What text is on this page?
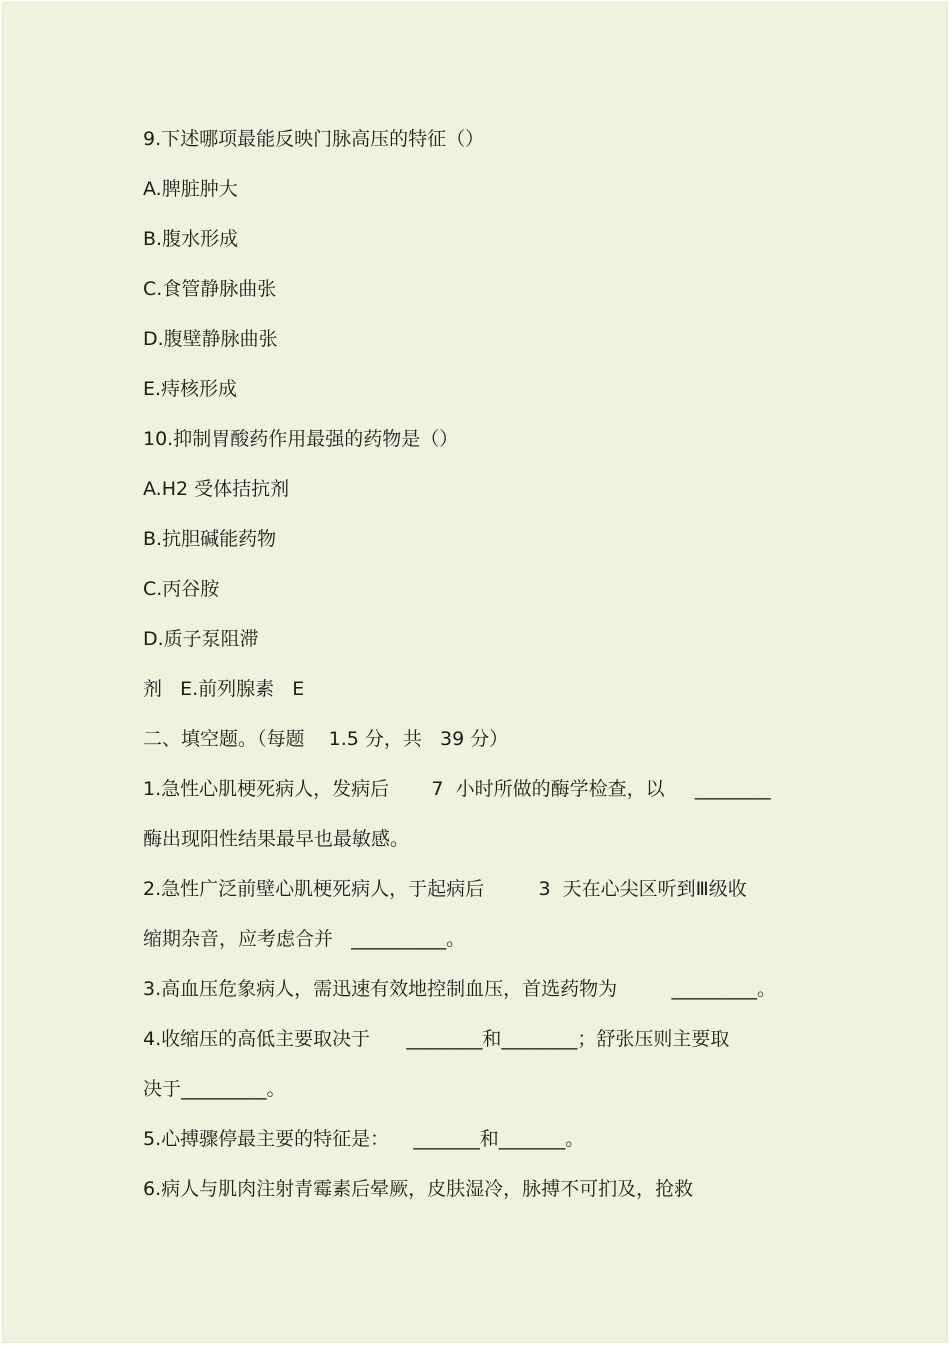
9.下述哪项最能反映门脉高压的特征（）

A.脾脏肿大

B.腹水形成

C.食管静脉曲张

D.腹壁静脉曲张

E.痔核形成

10.抑制胃酸药作用最强的药物是（）

A.H2 受体拮抗剂

B.抗胆碱能药物

C.丙谷胺

D.质子泵阻滞

剂   E.前列腺素   E

二、填空题。（每题    1.5 分，共   39 分）

1.急性心肌梗死病人，发病后       7  小时所做的酶学检查，以     ________

酶出现阳性结果最早也最敏感。

2.急性广泛前壁心肌梗死病人，于起病后         3  天在心尖区听到Ⅲ级收

缩期杂音，应考虑合并   __________。

3.高血压危象病人，需迅速有效地控制血压，首选药物为         _________。

4.收缩压的高低主要取决于      ________和________；舒张压则主要取

决于_________。

5.心搏骤停最主要的特征是：    _______和_______。

6.病人与肌肉注射青霉素后晕厥，皮肤湿冷，脉搏不可扪及，抢救
